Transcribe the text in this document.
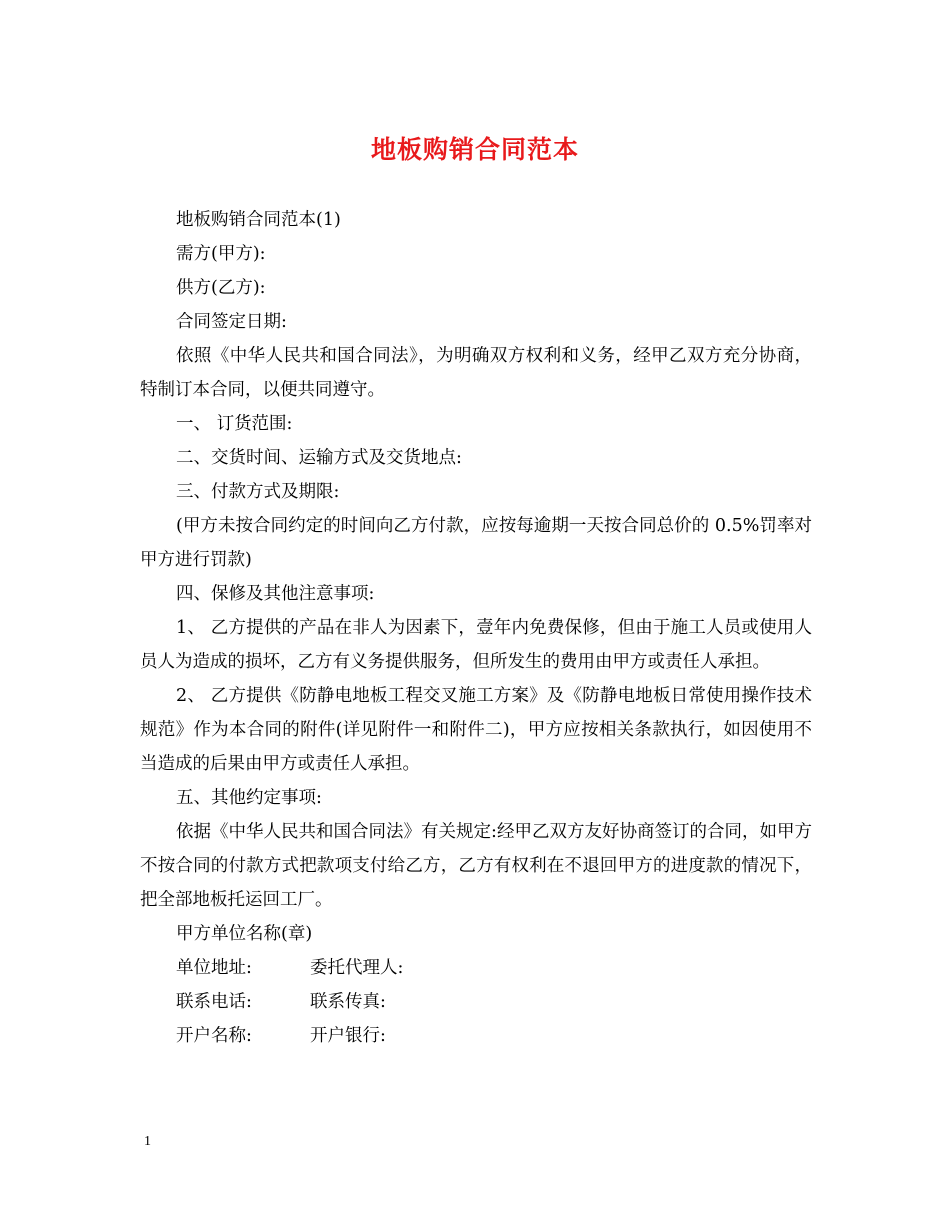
地板购销合同范本

地板购销合同范本(1)

需方(甲方):

供方(乙方):

合同签定日期:

依照《中华人民共和国合同法》，为明确双方权利和义务，经甲乙双方充分协商，特制订本合同，以便共同遵守。

一、 订货范围:

二、交货时间、运输方式及交货地点:

三、付款方式及期限:

(甲方未按合同约定的时间向乙方付款，应按每逾期一天按合同总价的 0.5%罚率对甲方进行罚款)

四、保修及其他注意事项:

1、 乙方提供的产品在非人为因素下，壹年内免费保修，但由于施工人员或使用人员人为造成的损坏，乙方有义务提供服务，但所发生的费用由甲方或责任人承担。

2、 乙方提供《防静电地板工程交叉施工方案》及《防静电地板日常使用操作技术规范》作为本合同的附件(详见附件一和附件二)，甲方应按相关条款执行，如因使用不当造成的后果由甲方或责任人承担。

五、其他约定事项:

依据《中华人民共和国合同法》有关规定:经甲乙双方友好协商签订的合同，如甲方不按合同的付款方式把款项支付给乙方，乙方有权利在不退回甲方的进度款的情况下，把全部地板托运回工厂。

甲方单位名称(章)

单位地址:	委托代理人:
联系电话:	联系传真:
开户名称:	开户银行:
1
